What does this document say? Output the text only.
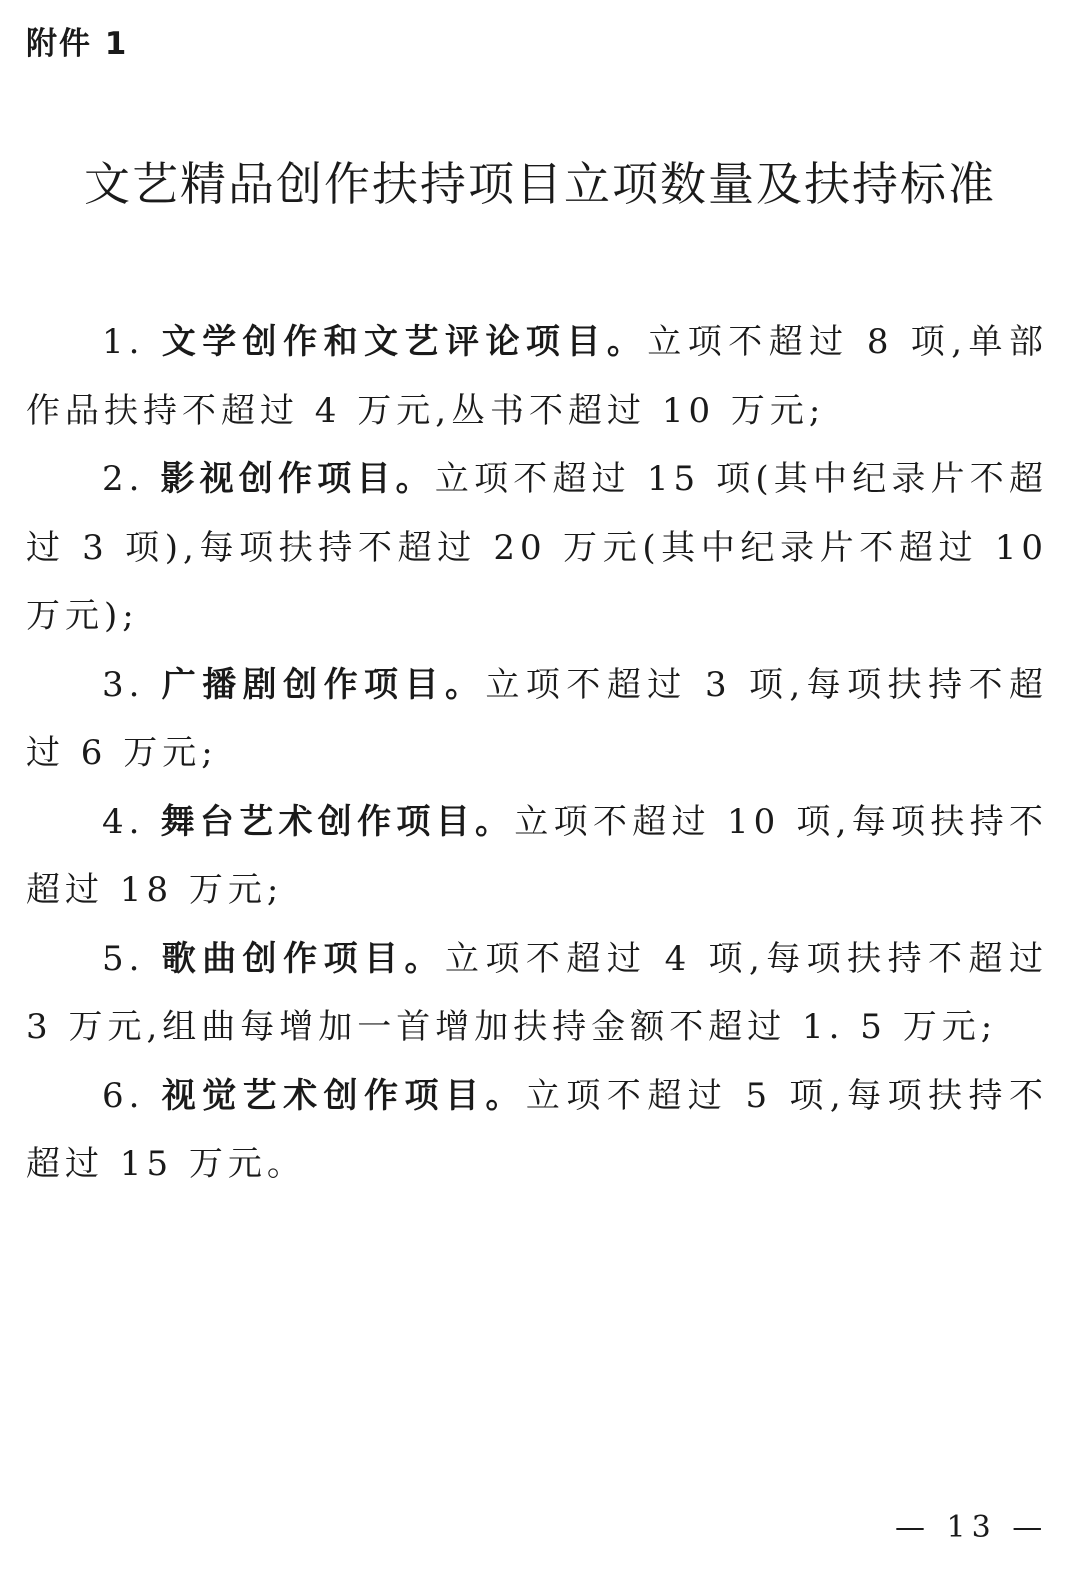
附件 1
文艺精品创作扶持项目立项数量及扶持标准

1. 文学创作和文艺评论项目。立项不超过 8 项,单部作品扶持不超过 4 万元,丛书不超过 10 万元;

2. 影视创作项目。立项不超过 15 项(其中纪录片不超过 3 项),每项扶持不超过 20 万元(其中纪录片不超过 10 万元);

3. 广播剧创作项目。立项不超过 3 项,每项扶持不超过 6 万元;

4. 舞台艺术创作项目。立项不超过 10 项,每项扶持不超过 18 万元;

5. 歌曲创作项目。立项不超过 4 项,每项扶持不超过 3 万元,组曲每增加一首增加扶持金额不超过 1. 5 万元;

6. 视觉艺术创作项目。立项不超过 5 项,每项扶持不超过 15 万元。

— 13 —
